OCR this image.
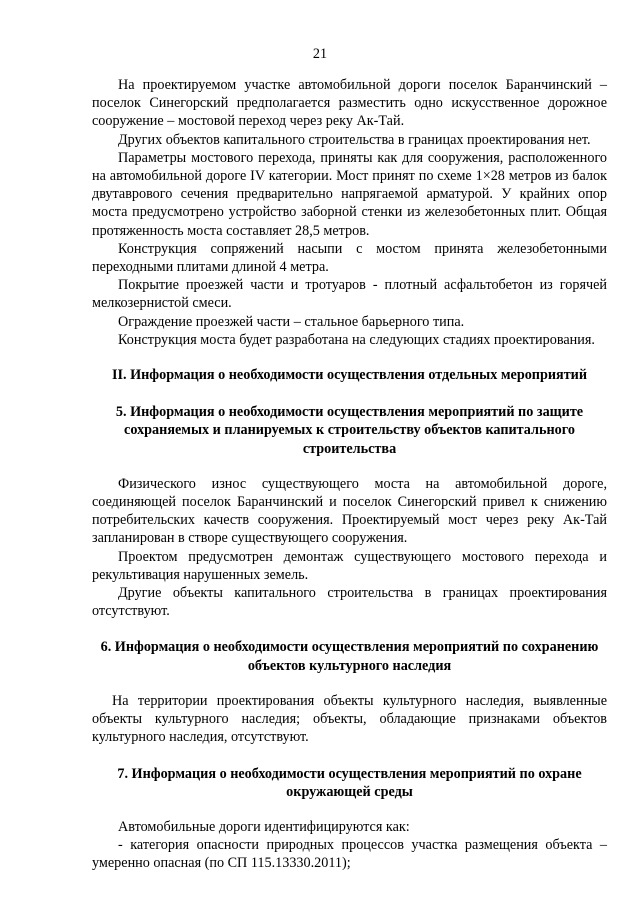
21

На проектируемом участке автомобильной дороги поселок Баранчинский – поселок Синегорский предполагается разместить одно искусственное дорожное сооружение – мостовой переход через реку Ак-Тай.

Других объектов капитального строительства в границах проектирования нет.

Параметры мостового перехода, приняты как для сооружения, расположенного на автомобильной дороге IV категории. Мост принят по схеме 1×28 метров из балок двутаврового сечения предварительно напрягаемой арматурой. У крайних опор моста предусмотрено устройство заборной стенки из железобетонных плит. Общая протяженность моста составляет 28,5 метров.

Конструкция сопряжений насыпи с мостом принята железобетонными переходными плитами длиной 4 метра.

Покрытие проезжей части и тротуаров - плотный асфальтобетон из горячей мелкозернистой смеси.

Ограждение проезжей части – стальное барьерного типа.

Конструкция моста будет разработана на следующих стадиях проектирования.

II. Информация о необходимости осуществления отдельных мероприятий
5. Информация о необходимости осуществления мероприятий по защите сохраняемых и планируемых к строительству объектов капитального строительства

Физического износ существующего моста на автомобильной дороге, соединяющей поселок Баранчинский и поселок Синегорский привел к снижению потребительских качеств сооружения. Проектируемый мост через реку Ак-Тай запланирован в створе существующего сооружения.

Проектом предусмотрен демонтаж существующего мостового перехода и рекультивация нарушенных земель.

Другие объекты капитального строительства в границах проектирования отсутствуют.

6. Информация о необходимости осуществления мероприятий по сохранению объектов культурного наследия

На территории проектирования объекты культурного наследия, выявленные объекты культурного наследия; объекты, обладающие признаками объектов культурного наследия, отсутствуют.

7. Информация о необходимости осуществления мероприятий по охране окружающей среды

Автомобильные дороги идентифицируются как:

- категория опасности природных процессов участка размещения объекта – умеренно опасная (по СП 115.13330.2011);
